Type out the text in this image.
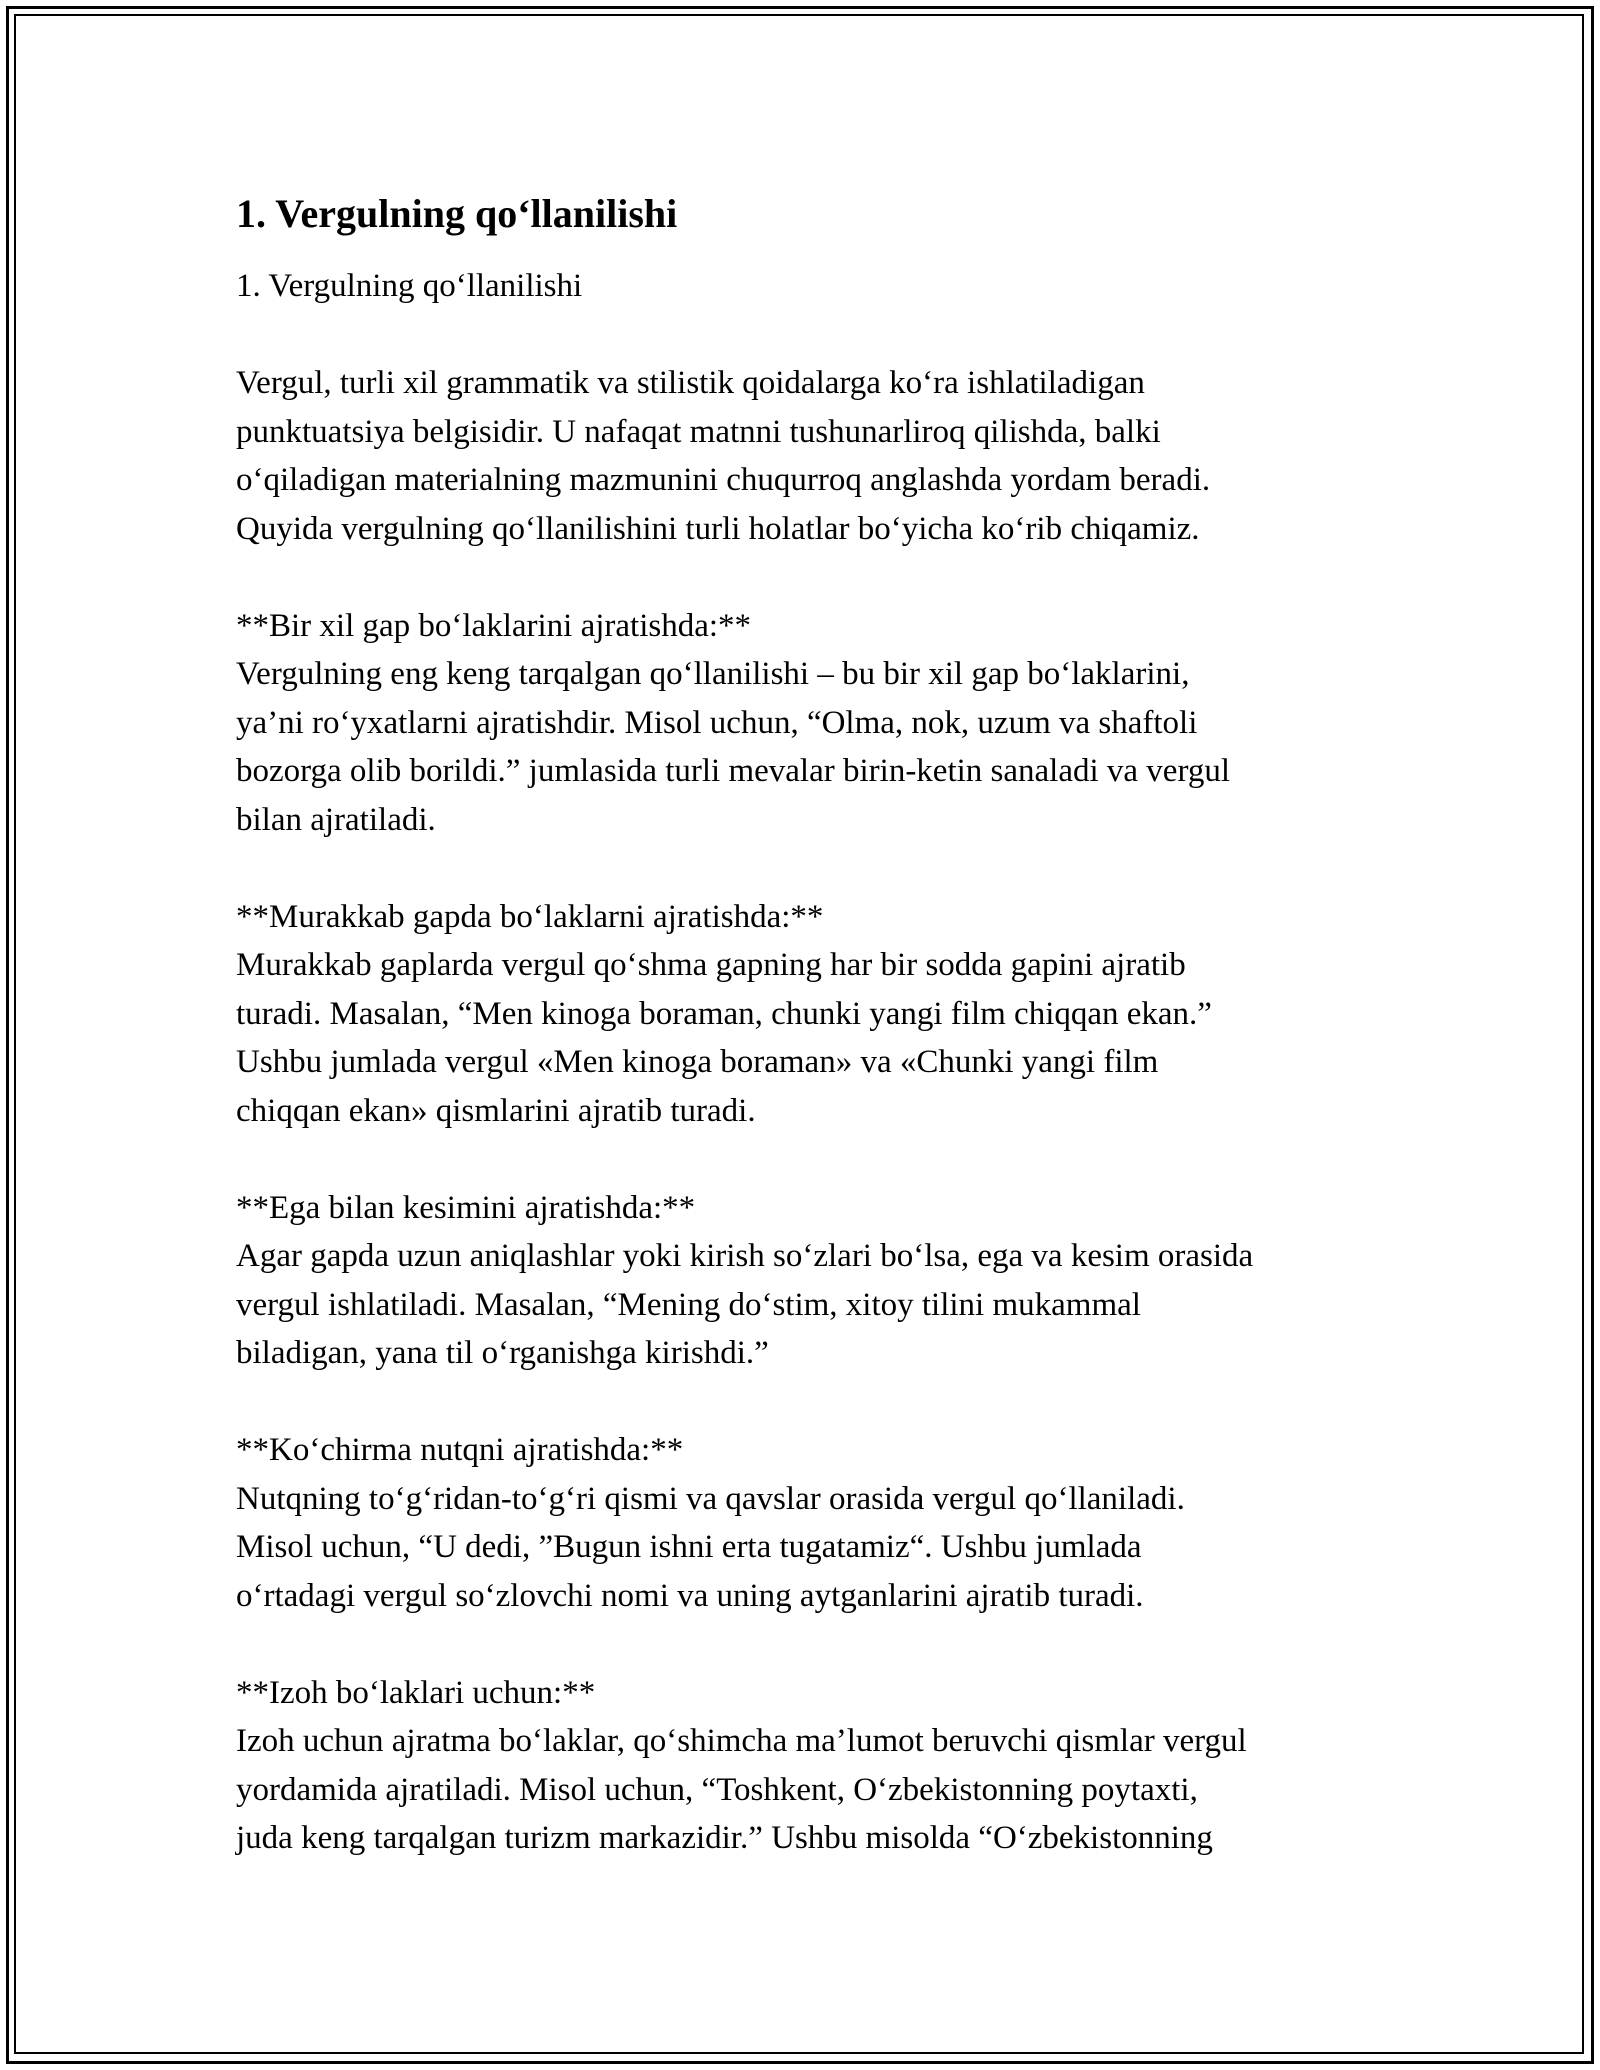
1. Vergulning qo‘llanilishi
1. Vergulning qo‘llanilishi
Vergul, turli xil grammatik va stilistik qoidalarga ko‘ra ishlatiladigan
punktuatsiya belgisidir. U nafaqat matnni tushunarliroq qilishda, balki
o‘qiladigan materialning mazmunini chuqurroq anglashda yordam beradi.
Quyida vergulning qo‘llanilishini turli holatlar bo‘yicha ko‘rib chiqamiz.
**Bir xil gap bo‘laklarini ajratishda:**
Vergulning eng keng tarqalgan qo‘llanilishi – bu bir xil gap bo‘laklarini,
ya’ni ro‘yxatlarni ajratishdir. Misol uchun, “Olma, nok, uzum va shaftoli
bozorga olib borildi.” jumlasida turli mevalar birin-ketin sanaladi va vergul
bilan ajratiladi.
**Murakkab gapda bo‘laklarni ajratishda:**
Murakkab gaplarda vergul qo‘shma gapning har bir sodda gapini ajratib
turadi. Masalan, “Men kinoga boraman, chunki yangi film chiqqan ekan.”
Ushbu jumlada vergul «Men kinoga boraman» va «Chunki yangi film
chiqqan ekan» qismlarini ajratib turadi.
**Ega bilan kesimini ajratishda:**
Agar gapda uzun aniqlashlar yoki kirish so‘zlari bo‘lsa, ega va kesim orasida
vergul ishlatiladi. Masalan, “Mening do‘stim, xitoy tilini mukammal
biladigan, yana til o‘rganishga kirishdi.”
**Ko‘chirma nutqni ajratishda:**
Nutqning to‘g‘ridan-to‘g‘ri qismi va qavslar orasida vergul qo‘llaniladi.
Misol uchun, “U dedi, ”Bugun ishni erta tugatamiz“. Ushbu jumlada
o‘rtadagi vergul so‘zlovchi nomi va uning aytganlarini ajratib turadi.
**Izoh bo‘laklari uchun:**
Izoh uchun ajratma bo‘laklar, qo‘shimcha ma’lumot beruvchi qismlar vergul
yordamida ajratiladi. Misol uchun, “Toshkent, O‘zbekistonning poytaxti,
juda keng tarqalgan turizm markazidir.” Ushbu misolda “O‘zbekistonning
